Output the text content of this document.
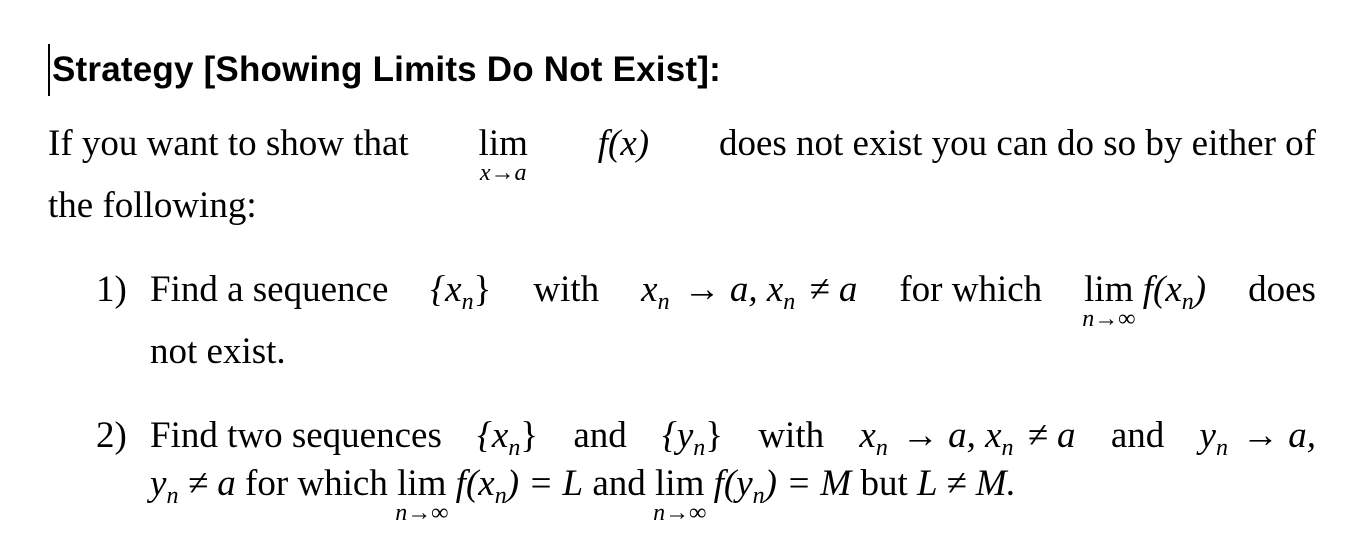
Strategy [Showing Limits Do Not Exist]:
If you want to show that lim
x→a
f(x) does not exist you can do so by either of
the following:
1) Find a sequence $\{x_n\}$ with $x_n \to a$, $x_n \ne a$ for which lim
n→∞
$f(x_n)$ does
not exist.
2) Find two sequences $\{x_n\}$ and $\{y_n\}$ with $x_n \to a$, $x_n \ne a$ and $y_n \to a$,
$y_n \ne a$ for which lim
n→∞
$f(x_n) = L$ and lim
n→∞
$f(y_n) = M$ but L ≠ M.
